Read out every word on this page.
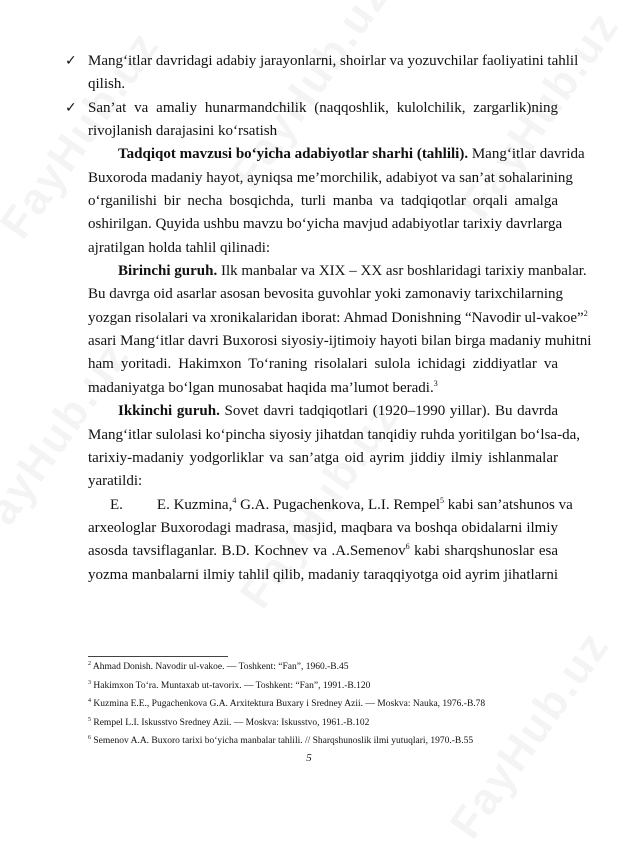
✓ Mang‘itlar davridagi adabiy jarayonlarni, shoirlar va yozuvchilar faoliyatini tahlil
qilish.
✓ San’at va amaliy hunarmandchilik (naqqoshlik, kulolchilik, zargarlik)ning
rivojlanish darajasini ko‘rsatish
Tadqiqot mavzusi bo‘yicha adabiyotlar sharhi (tahlili). Mang‘itlar davrida
Buxoroda madaniy hayot, ayniqsa me’morchilik, adabiyot va san’at sohalarining
o‘rganilishi bir necha bosqichda, turli manba va tadqiqotlar orqali amalga
oshirilgan. Quyida ushbu mavzu bo‘yicha mavjud adabiyotlar tarixiy davrlarga
ajratilgan holda tahlil qilinadi:
Birinchi guruh. Ilk manbalar va XIX – XX asr boshlaridagi tarixiy manbalar.
Bu davrga oid asarlar asosan bevosita guvohlar yoki zamonaviy tarixchilarning
yozgan risolalari va xronikalaridan iborat: Ahmad Donishning “Navodir ul-vakoe”$^2$
asari Mang‘itlar davri Buxorosi siyosiy-ijtimoiy hayoti bilan birga madaniy muhitni
ham yoritadi. Hakimxon To‘raning risolalari sulola ichidagi ziddiyatlar va
madaniyatga bo‘lgan munosabat haqida ma’lumot beradi.$^3$
Ikkinchi guruh. Sovet davri tadqiqotlari (1920–1990 yillar). Bu davrda
Mang‘itlar sulolasi ko‘pincha siyosiy jihatdan tanqidiy ruhda yoritilgan bo‘lsa-da,
tarixiy-madaniy yodgorliklar va san’atga oid ayrim jiddiy ilmiy ishlanmalar
yaratildi:
E. E. Kuzmina,$^4$ G.A. Pugachenkova, L.I. Rempel$^5$ kabi san’atshunos va
arxeologlar Buxorodagi madrasa, masjid, maqbara va boshqa obidalarni ilmiy
asosda tavsiflaganlar. B.D. Kochnev va .A.Semenov$^6$ kabi sharqshunoslar esa
yozma manbalarni ilmiy tahlil qilib, madaniy taraqqiyotga oid ayrim jihatlarni
$^2$ Ahmad Donish. Navodir ul-vakoe. — Toshkent: “Fan”, 1960.-B.45
$^3$ Hakimxon To‘ra. Muntaxab ut-tavorix. — Toshkent: “Fan”, 1991.-B.120
$^4$ Kuzmina E.E., Pugachenkova G.A. Arxitektura Buxary i Sredney Azii. — Moskva: Nauka, 1976.-B.78
$^5$ Rempel L.I. Iskusstvo Sredney Azii. — Moskva: Iskusstvo, 1961.-B.102
$^6$ Semenov A.A. Buxoro tarixi bo‘yicha manbalar tahlili. // Sharqshunoslik ilmi yutuqlari, 1970.-B.55
5
